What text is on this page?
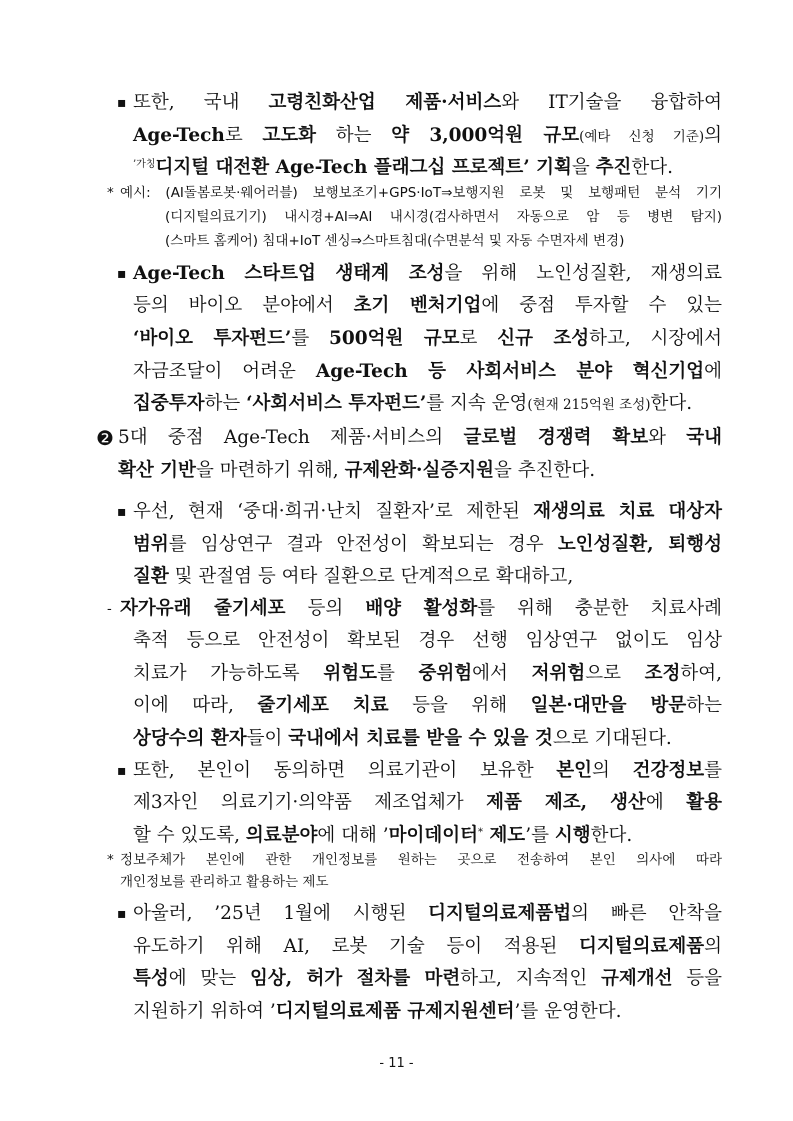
▪ 또한, 국내 고령친화산업 제품·서비스와 IT기술을 융합하여
Age-Tech로 고도화 하는 약 3,000억원 규모(예타 신청 기준)의
$^{’가칭}$디지털 대전환 Age-Tech 플래그십 프로젝트’ 기획을 추진한다.
* 예시: (AI돌봄로봇·웨어러블) 보행보조기+GPS·IoT⇒보행지원 로봇 및 보행패턴 분석 기기
(디지털의료기기) 내시경+AI⇒AI 내시경(검사하면서 자동으로 암 등 병변 탐지)
(스마트 홈케어) 침대+IoT 센싱⇒스마트침대(수면분석 및 자동 수면자세 변경)
▪ Age-Tech 스타트업 생태계 조성을 위해 노인성질환, 재생의료
등의 바이오 분야에서 초기 벤처기업에 중점 투자할 수 있는
‘바이오 투자펀드’를 500억원 규모로 신규 조성하고, 시장에서
자금조달이 어려운 Age-Tech 등 사회서비스 분야 혁신기업에
집중투자하는 ‘사회서비스 투자펀드’를 지속 운영(현재 215억원 조성)한다.
❷ 5대 중점 Age-Tech 제품·서비스의 글로벌 경쟁력 확보와 국내
확산 기반을 마련하기 위해, 규제완화·실증지원을 추진한다.
▪ 우선, 현재 ‘중대·희귀·난치 질환자’로 제한된 재생의료 치료 대상자
범위를 임상연구 결과 안전성이 확보되는 경우 노인성질환, 퇴행성
질환 및 관절염 등 여타 질환으로 단계적으로 확대하고,
- 자가유래 줄기세포 등의 배양 활성화를 위해 충분한 치료사례
축적 등으로 안전성이 확보된 경우 선행 임상연구 없이도 임상
치료가 가능하도록 위험도를 중위험에서 저위험으로 조정하여,
이에 따라, 줄기세포 치료 등을 위해 일본·대만을 방문하는
상당수의 환자들이 국내에서 치료를 받을 수 있을 것으로 기대된다.
▪ 또한, 본인이 동의하면 의료기관이 보유한 본인의 건강정보를
제3자인 의료기기·의약품 제조업체가 제품 제조, 생산에 활용
할 수 있도록, 의료분야에 대해 ’마이데이터* 제도’를 시행한다.
* 정보주체가 본인에 관한 개인정보를 원하는 곳으로 전송하여 본인 의사에 따라
개인정보를 관리하고 활용하는 제도
▪ 아울러, ’25년 1월에 시행된 디지털의료제품법의 빠른 안착을
유도하기 위해 AI, 로봇 기술 등이 적용된 디지털의료제품의
특성에 맞는 임상, 허가 절차를 마련하고, 지속적인 규제개선 등을
지원하기 위하여 ’디지털의료제품 규제지원센터’를 운영한다.
- 11 -
